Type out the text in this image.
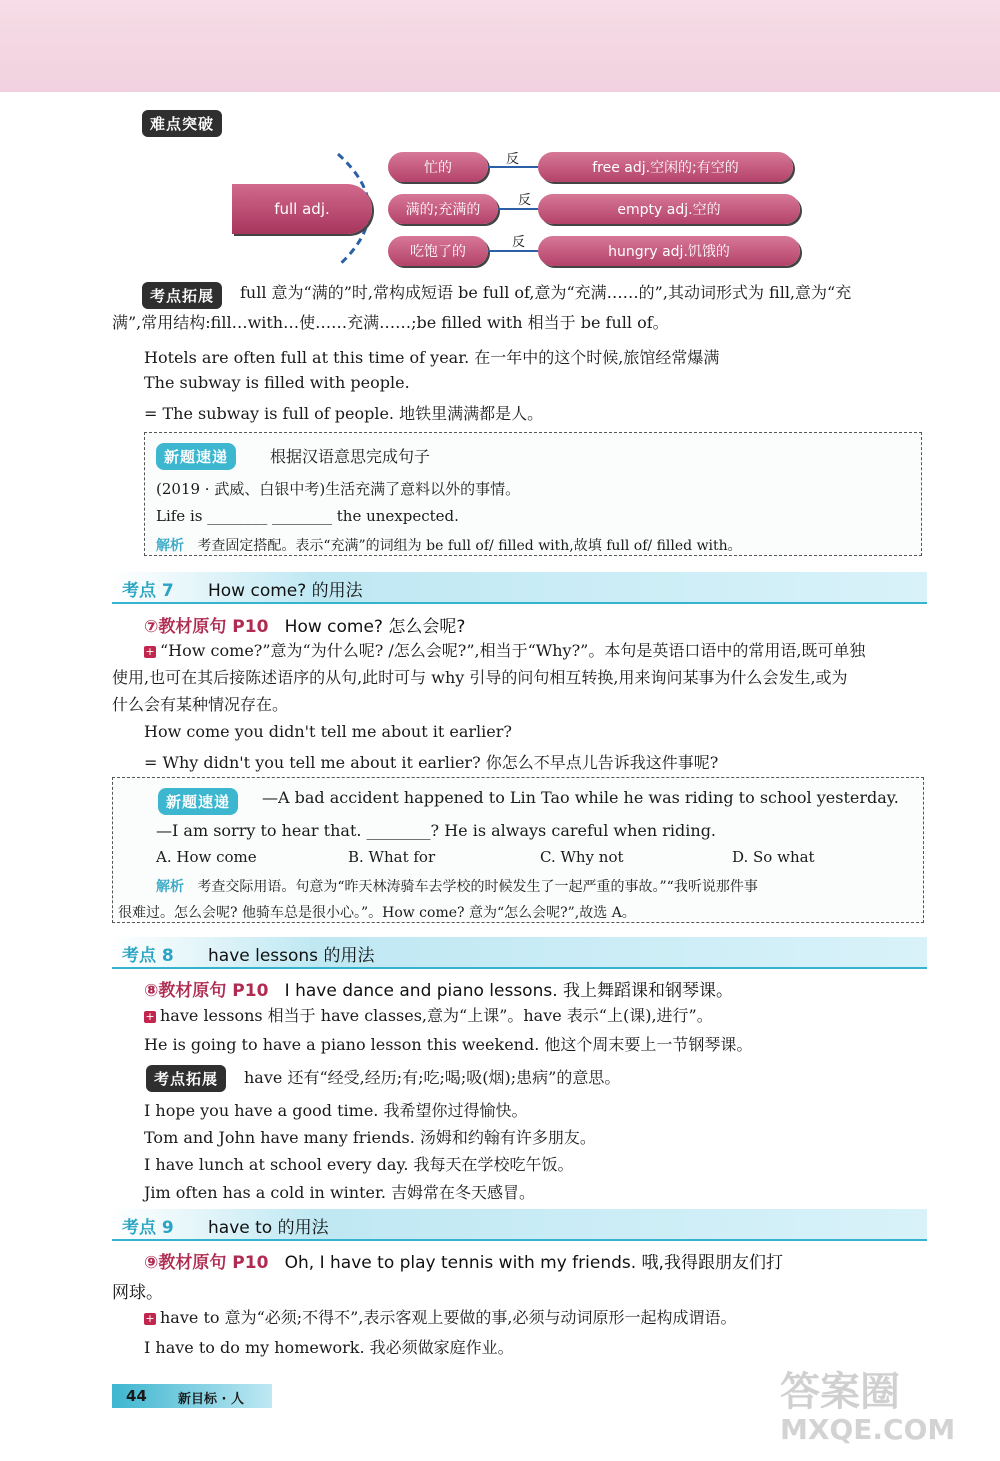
难点突破
full adj.
忙的
满的;充满的
吃饱了的
反
反
反
free adj.空闲的;有空的
empty adj.空的
hungry adj.饥饿的
考点拓展	full 意为“满的”时,常构成短语 be full of,意为“充满……的”,其动词形式为 fill,意为“充
满”,常用结构:fill…with…使……充满……;be filled with 相当于 be full of。
Hotels are often full at this time of year. 在一年中的这个时候,旅馆经常爆满
The subway is filled with people.
= The subway is full of people. 地铁里满满都是人。
新题速递	根据汉语意思完成句子
(2019 · 武威、白银中考)生活充满了意料以外的事情。
Life is ________ ________ the unexpected.
解析 考查固定搭配。表示“充满”的词组为 be full of/ filled with,故填 full of/ filled with。
考点 7 How come? 的用法
⑦教材原句 P10 How come? 怎么会呢?
+ “How come?”意为“为什么呢? /怎么会呢?”,相当于“Why?”。本句是英语口语中的常用语,既可单独
使用,也可在其后接陈述语序的从句,此时可与 why 引导的问句相互转换,用来询问某事为什么会发生,或为
什么会有某种情况存在。
How come you didn't tell me about it earlier?
= Why didn't you tell me about it earlier? 你怎么不早点儿告诉我这件事呢?
新题速递	—A bad accident happened to Lin Tao while he was riding to school yesterday.
—I am sorry to hear that. ________? He is always careful when riding.
A. How come	B. What for	C. Why not	D. So what
解析 考查交际用语。句意为“昨天林涛骑车去学校的时候发生了一起严重的事故。”“我听说那件事
很难过。怎么会呢? 他骑车总是很小心。”。How come? 意为“怎么会呢?”,故选 A。
考点 8 have lessons 的用法
⑧教材原句 P10 I have dance and piano lessons. 我上舞蹈课和钢琴课。
+ have lessons 相当于 have classes,意为“上课”。have 表示“上(课),进行”。
He is going to have a piano lesson this weekend. 他这个周末要上一节钢琴课。
考点拓展	have 还有“经受,经历;有;吃;喝;吸(烟);患病”的意思。
I hope you have a good time. 我希望你过得愉快。
Tom and John have many friends. 汤姆和约翰有许多朋友。
I have lunch at school every day. 我每天在学校吃午饭。
Jim often has a cold in winter. 吉姆常在冬天感冒。
考点 9 have to 的用法
⑨教材原句 P10 Oh, I have to play tennis with my friends. 哦,我得跟朋友们打
网球。
+ have to 意为“必须;不得不”,表示客观上要做的事,必须与动词原形一起构成谓语。
I have to do my homework. 我必须做家庭作业。
44 新目标 · 人	答案圈
MXQE.COM
